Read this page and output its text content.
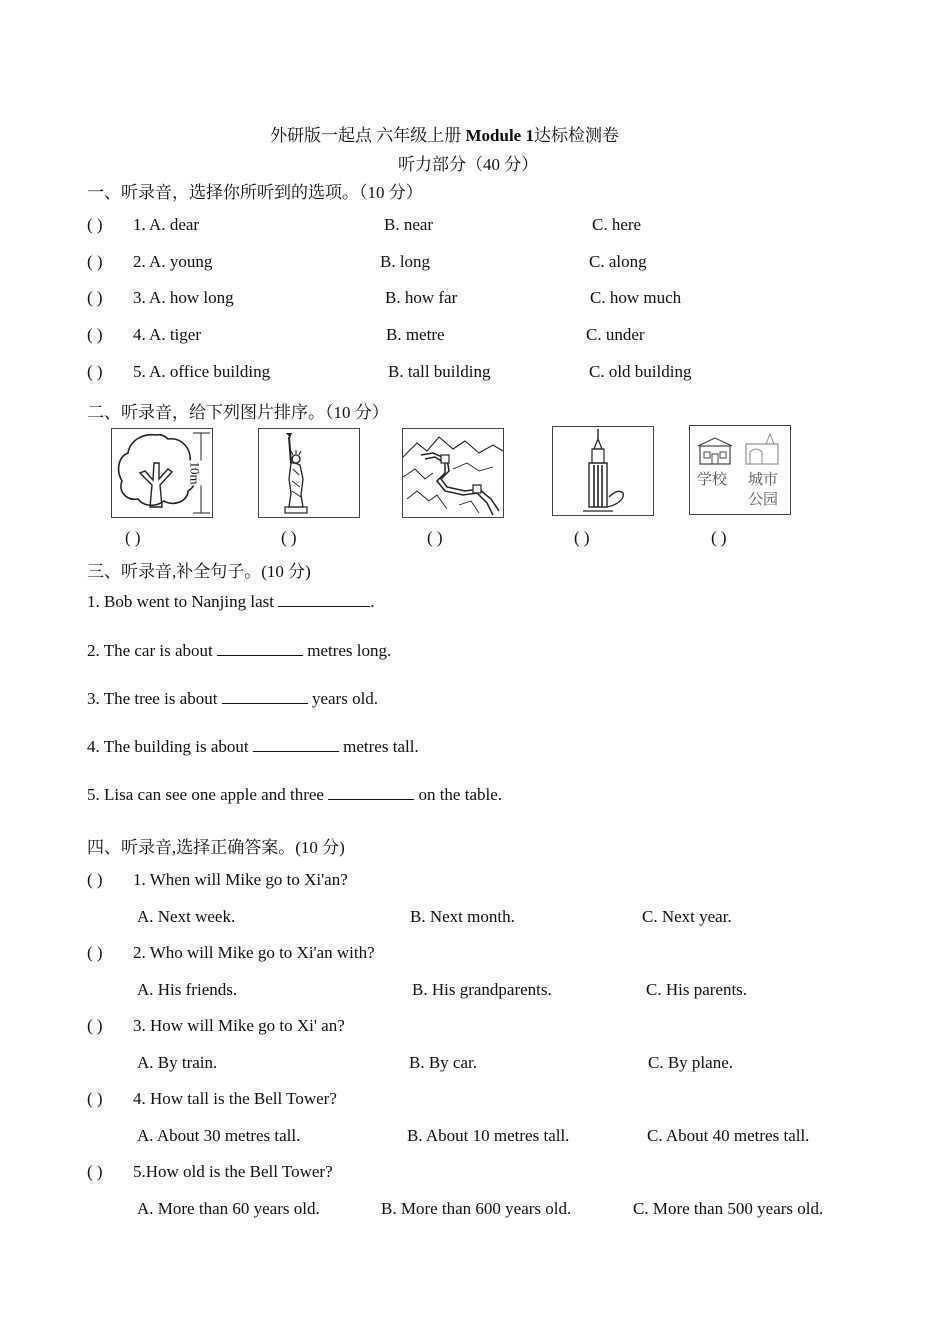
外研版一起点 六年级上册 Module 1达标检测卷
听力部分（40 分）
一、听录音，选择你所听到的选项。（10 分）
( ) 1. A. dear	B. near	C. here
( ) 2. A. young	B. long	C. along
( ) 3. A. how long	B. how far	C. how much
( ) 4. A. tiger	B. metre	C. under
( ) 5. A. office building	B. tall building	C. old building
二、听录音，给下列图片排序。（10 分）
10m	学校 城市
公园
( )	( )	( )	( )	( )
三、听录音,补全句子。(10 分)
1. Bob went to Nanjing last	.
2. The car is about	metres long.
3. The tree is about	years old.
4. The building is about	metres tall.
5. Lisa can see one apple and three	on the table.
四、听录音,选择正确答案。(10 分)
( ) 1. When will Mike go to Xi'an?
A. Next week.	B. Next month.	C. Next year.
( ) 2. Who will Mike go to Xi'an with?
A. His friends.	B. His grandparents.	C. His parents.
( ) 3. How will Mike go to Xi' an?
A. By train.	B. By car.	C. By plane.
( ) 4. How tall is the Bell Tower?
A. About 30 metres tall.	B. About 10 metres tall.	C. About 40 metres tall.
( ) 5.How old is the Bell Tower?
A. More than 60 years old.	B. More than 600 years old.	C. More than 500 years old.
